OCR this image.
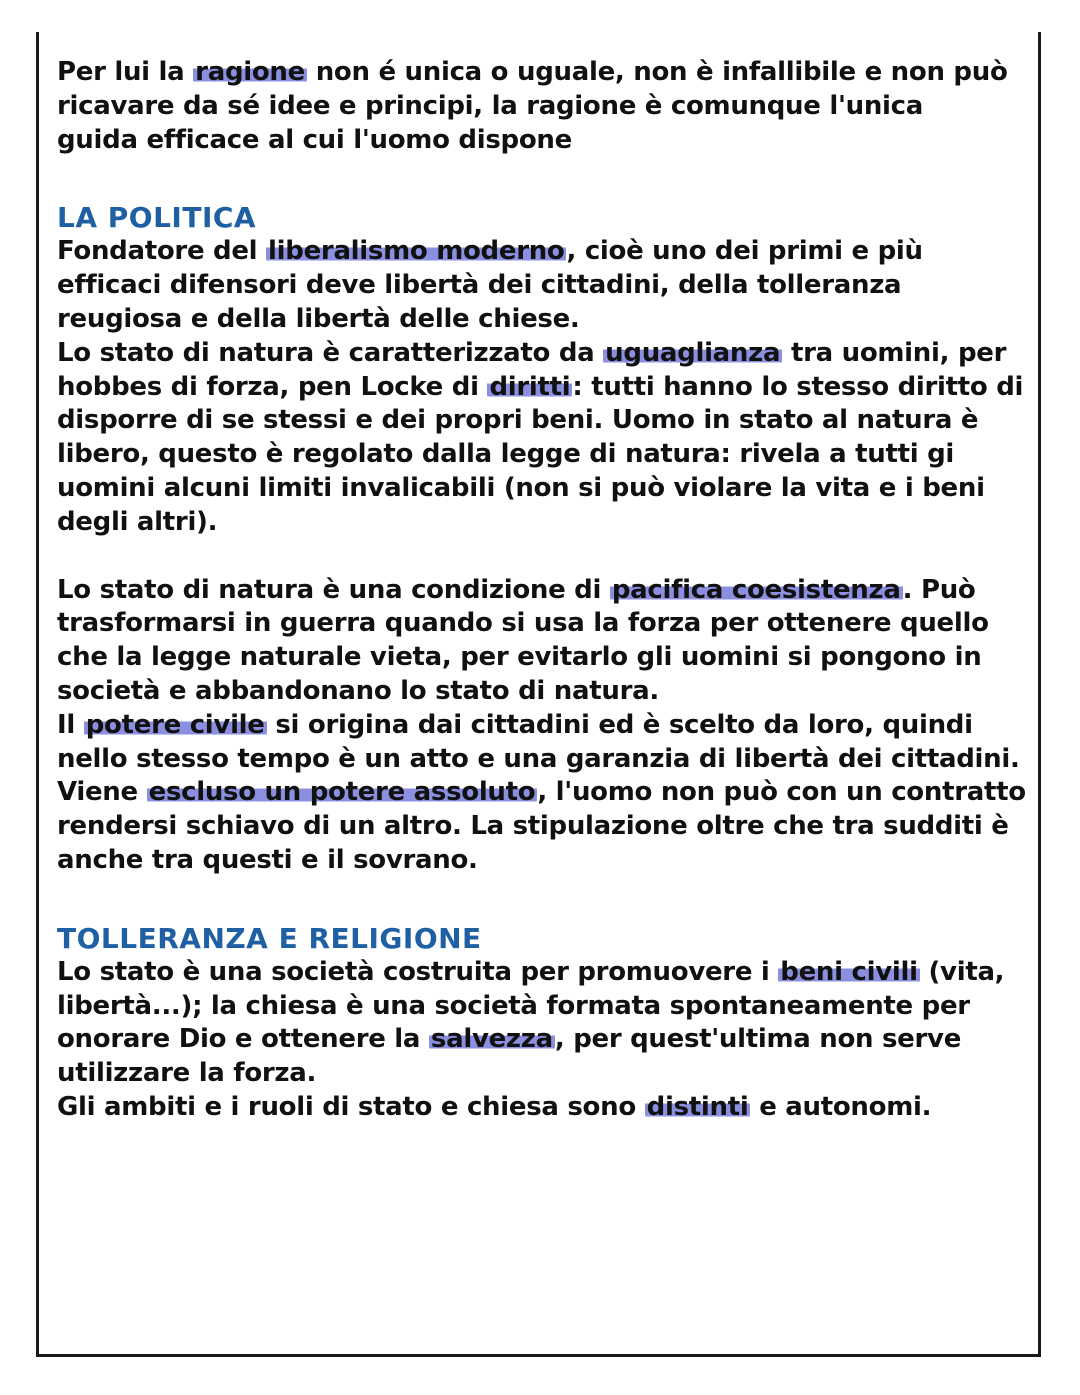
Per lui la ragione non é unica o uguale, non è infallibile e non può
ricavare da sé idee e principi, la ragione è comunque l'unica
guida efficace al cui l'uomo dispone

LA POLITICA

Fondatore del liberalismo moderno, cioè uno dei primi e più efficaci difensori deve libertà dei cittadini, della tolleranza reugiosa e della libertà delle chiese.

Lo stato di natura è caratterizzato da uguaglianza tra uomini, per hobbes di forza, pen Locke di diritti: tutti hanno lo stesso diritto di disporre di se stessi e dei propri beni. Uomo in stato al natura è libero, questo è regolato dalla legge di natura: rivela a tutti gi uomini alcuni limiti invalicabili (non si può violare la vita e i beni degli altri).

Lo stato di natura è una condizione di pacifica coesistenza. Può trasformarsi in guerra quando si usa la forza per ottenere quello che la legge naturale vieta, per evitarlo gli uomini si pongono in società e abbandonano lo stato di natura.

Il potere civile si origina dai cittadini ed è scelto da loro, quindi nello stesso tempo è un atto e una garanzia di libertà dei cittadini.

Viene escluso un potere assoluto, l'uomo non può con un contratto rendersi schiavo di un altro. La stipulazione oltre che tra sudditi è anche tra questi e il sovrano.

TOLLERANZA E RELIGIONE

Lo stato è una società costruita per promuovere i beni civili (vita, libertà...); la chiesa è una società formata spontaneamente per onorare Dio e ottenere la salvezza, per quest'ultima non serve utilizzare la forza.

Gli ambiti e i ruoli di stato e chiesa sono distinti e autonomi.
